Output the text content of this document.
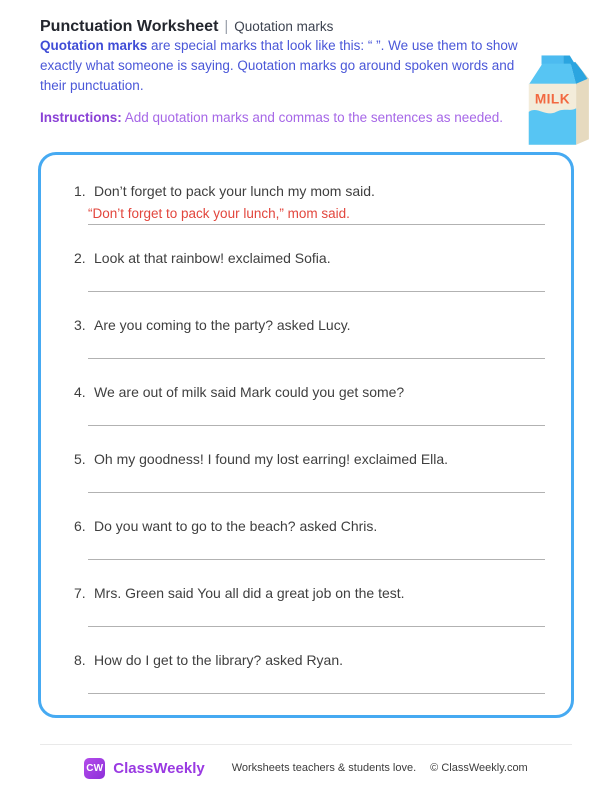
Punctuation Worksheet | Quotation marks

Quotation marks are special marks that look like this: “ ”. We use them to show exactly what someone is saying. Quotation marks go around spoken words and their punctuation.

Instructions: Add quotation marks and commas to the sentences as needed.

MILK
1. Don’t forget to pack your lunch my mom said.
“Don’t forget to pack your lunch,” mom said.
2. Look at that rainbow! exclaimed Sofia.
3. Are you coming to the party? asked Lucy.
4. We are out of milk said Mark could you get some?
5. Oh my goodness! I found my lost earring! exclaimed Ella.
6. Do you want to go to the beach? asked Chris.
7. Mrs. Green said You all did a great job on the test.
8. How do I get to the library? asked Ryan.
CW ClassWeekly Worksheets teachers & students love. © ClassWeekly.com
